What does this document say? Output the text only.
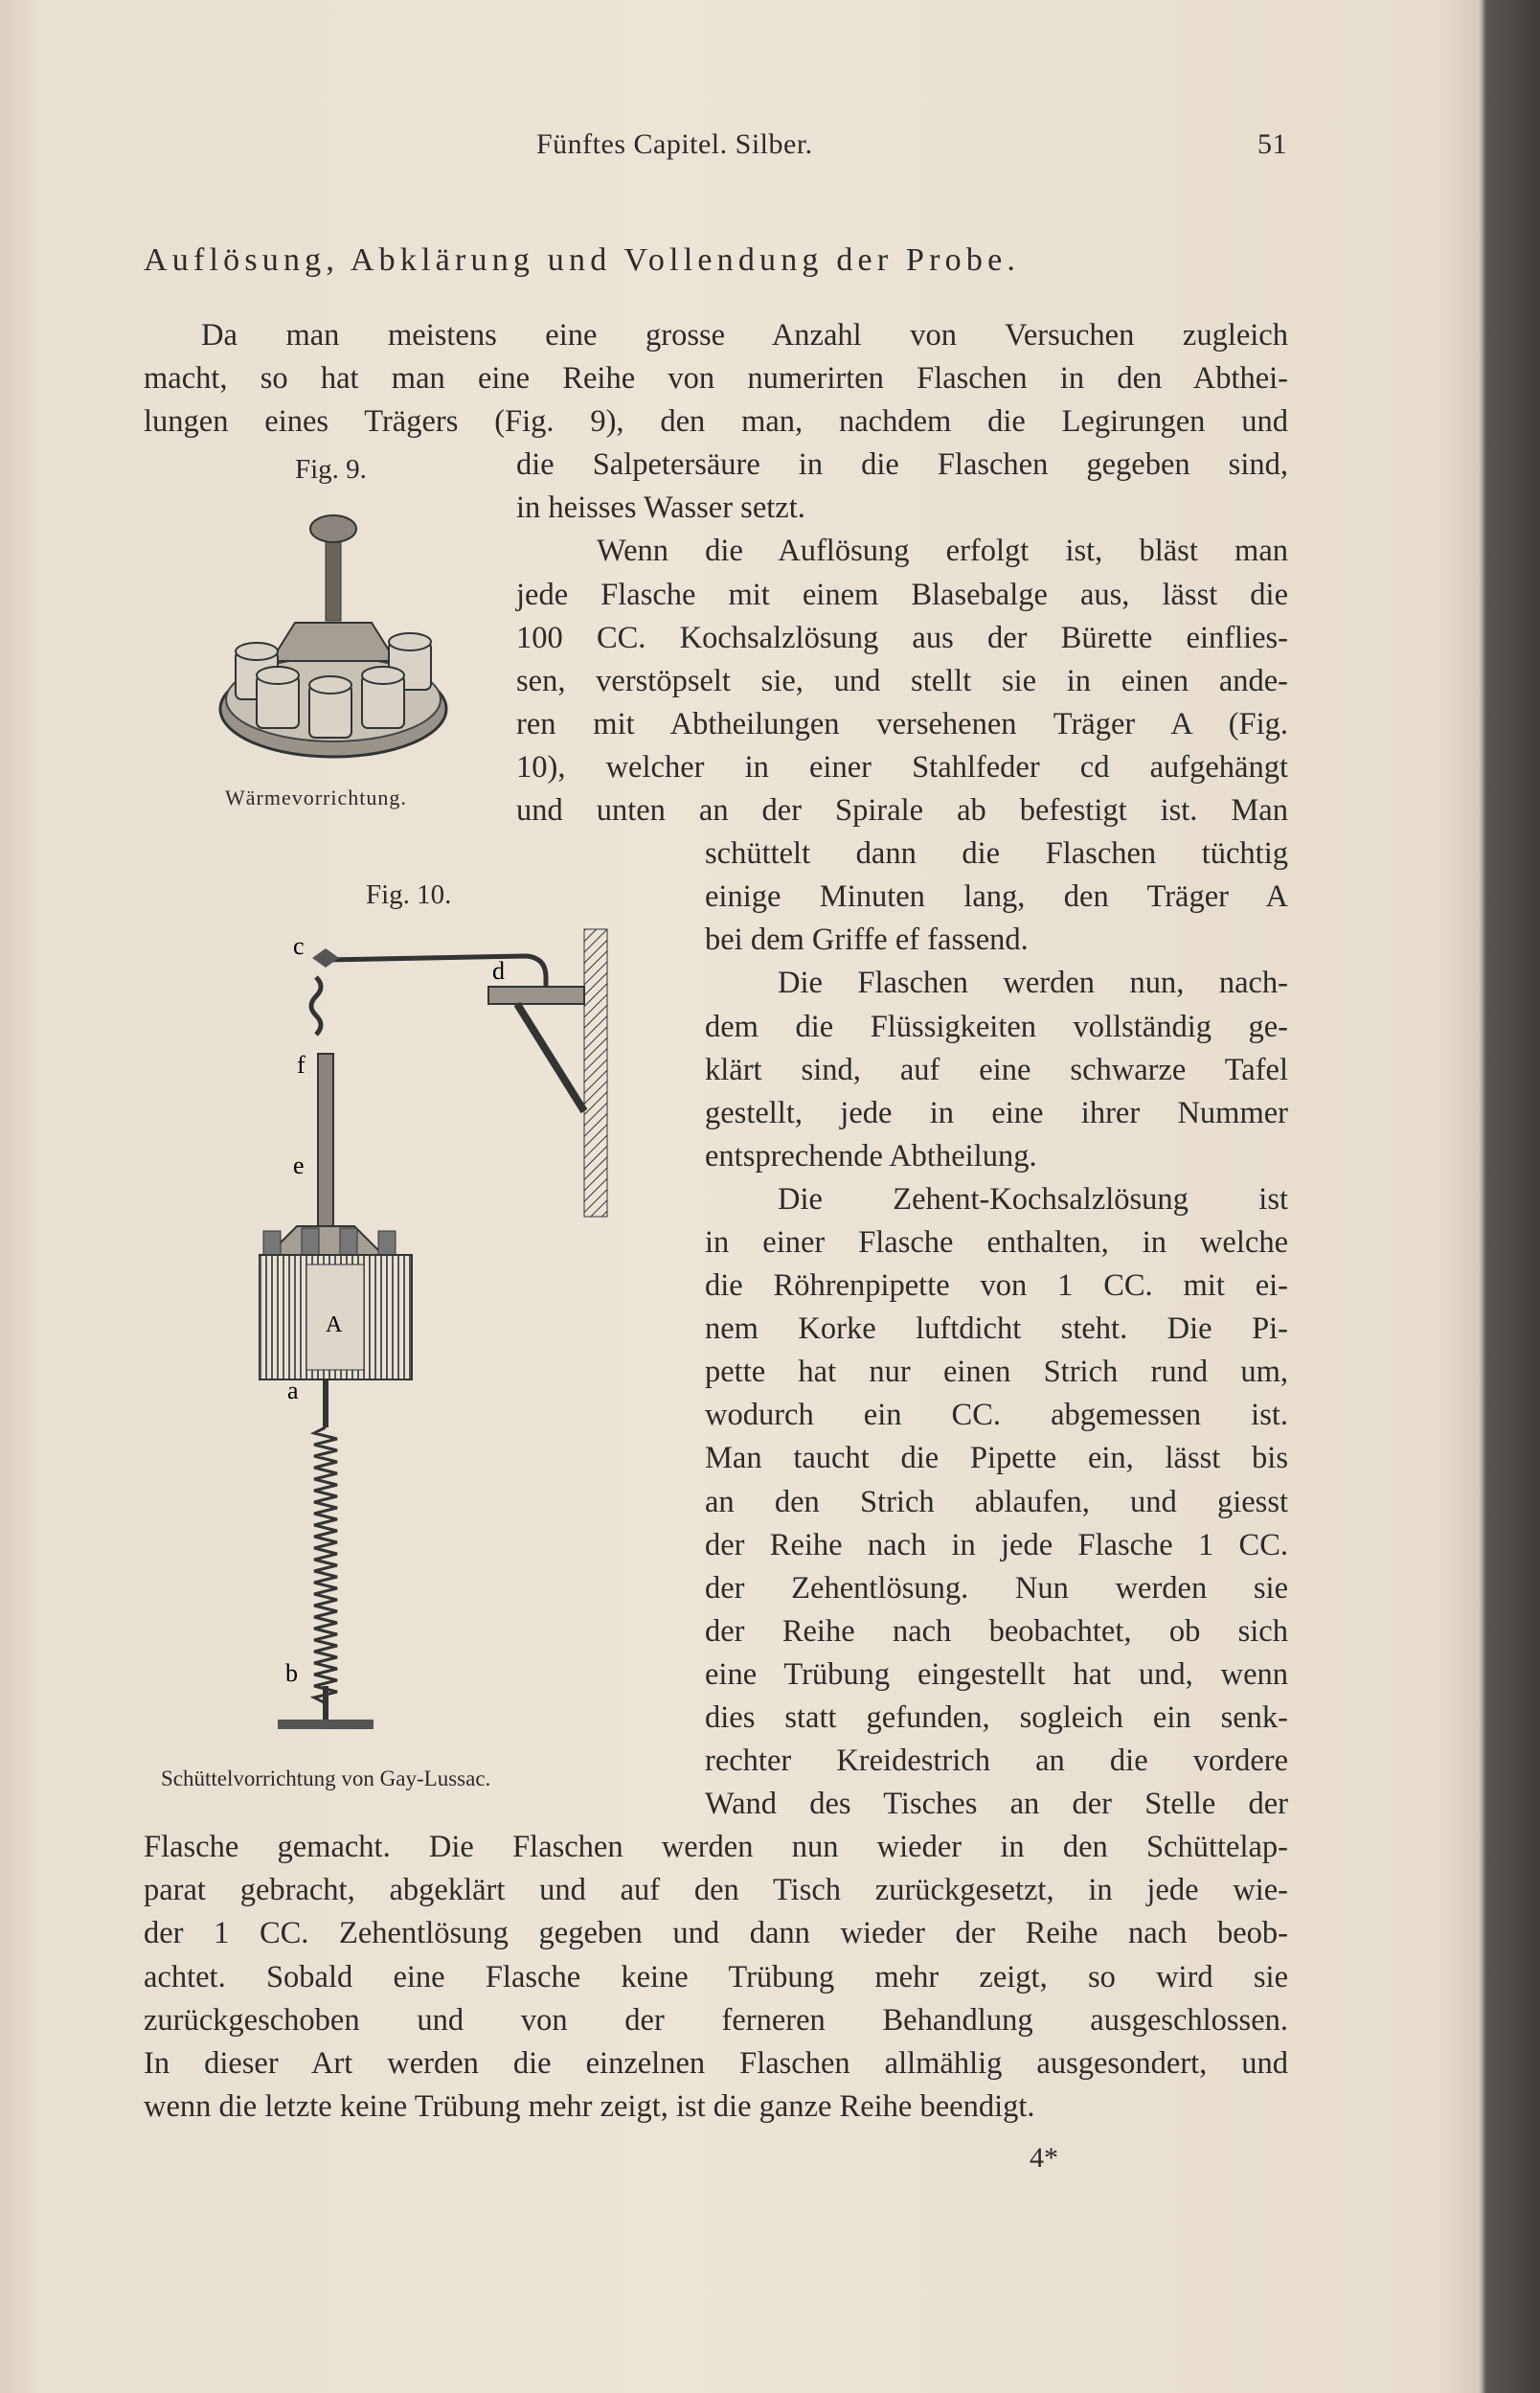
Fünftes Capitel. Silber.	51
Auflösung, Abklärung und Vollendung der Probe.
Da man meistens eine grosse Anzahl von Versuchen zugleich
macht, so hat man eine Reihe von numerirten Flaschen in den Abthei-
lungen eines Trägers (Fig. 9), den man, nachdem die Legirungen und
die Salpetersäure in die Flaschen gegeben sind,
in heisses Wasser setzt.
Wenn die Auflösung erfolgt ist, bläst man
jede Flasche mit einem Blasebalge aus, lässt die
100 CC. Kochsalzlösung aus der Bürette einflies-
sen, verstöpselt sie, und stellt sie in einen ande-
ren mit Abtheilungen versehenen Träger A (Fig.
10), welcher in einer Stahlfeder cd aufgehängt
und unten an der Spirale ab befestigt ist. Man
schüttelt dann die Flaschen tüchtig
einige Minuten lang, den Träger A
bei dem Griffe ef fassend.
Die Flaschen werden nun, nach-
dem die Flüssigkeiten vollständig ge-
klärt sind, auf eine schwarze Tafel
gestellt, jede in eine ihrer Nummer
entsprechende Abtheilung.
Die Zehent-Kochsalzlösung ist
in einer Flasche enthalten, in welche
die Röhrenpipette von 1 CC. mit ei-
nem Korke luftdicht steht. Die Pi-
pette hat nur einen Strich rund um,
wodurch ein CC. abgemessen ist.
Man taucht die Pipette ein, lässt bis
an den Strich ablaufen, und giesst
der Reihe nach in jede Flasche 1 CC.
der Zehentlösung. Nun werden sie
der Reihe nach beobachtet, ob sich
eine Trübung eingestellt hat und, wenn
dies statt gefunden, sogleich ein senk-
rechter Kreidestrich an die vordere
Wand des Tisches an der Stelle der
Flasche gemacht. Die Flaschen werden nun wieder in den Schüttelap-
parat gebracht, abgeklärt und auf den Tisch zurückgesetzt, in jede wie-
der 1 CC. Zehentlösung gegeben und dann wieder der Reihe nach beob-
achtet. Sobald eine Flasche keine Trübung mehr zeigt, so wird sie
zurückgeschoben und von der ferneren Behandlung ausgeschlossen.
In dieser Art werden die einzelnen Flaschen allmählig ausgesondert, und
wenn die letzte keine Trübung mehr zeigt, ist die ganze Reihe beendigt.
4*
Fig. 9.
Wärmevorrichtung.
Fig. 10.
c
d
f
e
A
a
b
Schüttelvorrichtung von Gay-Lussac.
